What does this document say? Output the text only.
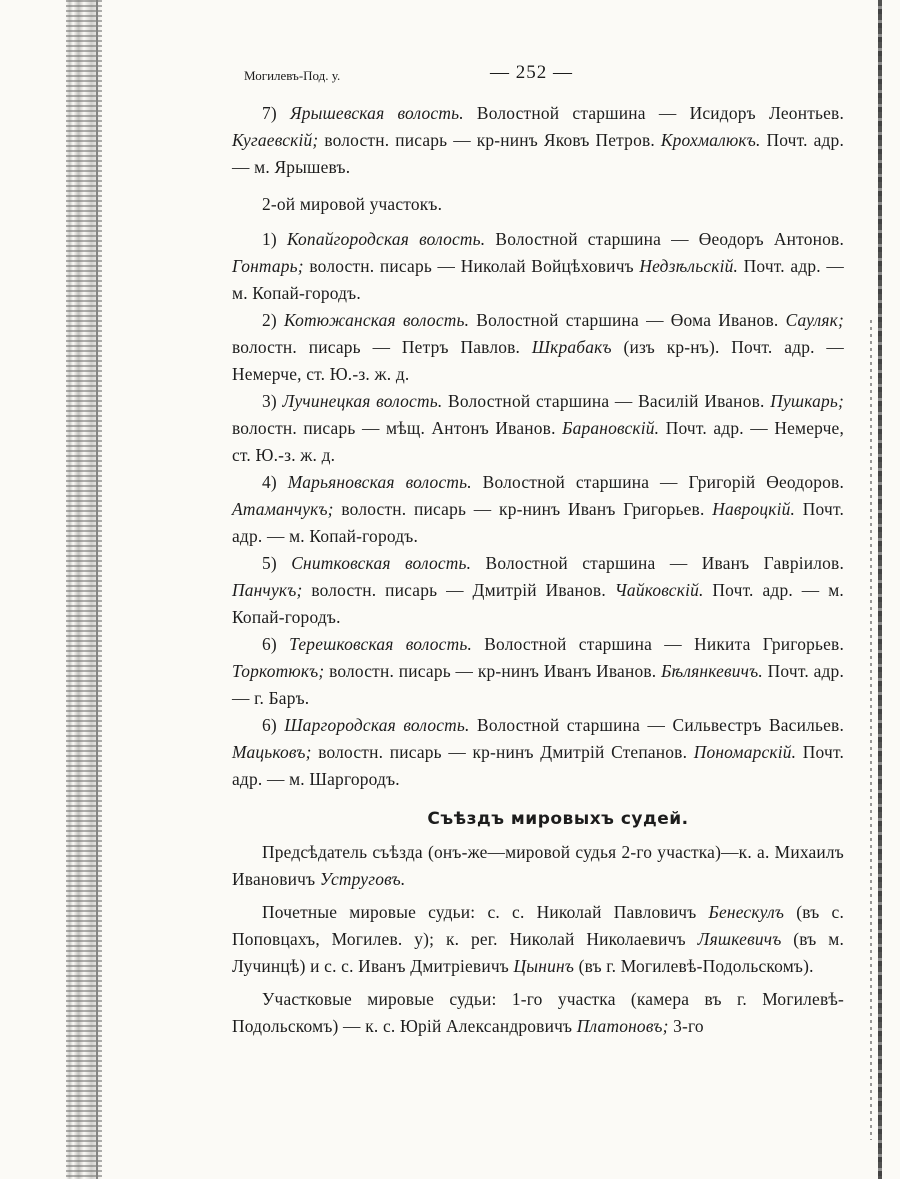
Могилевъ-Под. у.	— 252 —

7) Ярышевская волость. Волостной старшина — Исидоръ Леонтьев. Кугаевскій; волостн. писарь — кр-нинъ Яковъ Петров. Крохмалюкъ. Почт. адр. — м. Ярышевъ.

2-ой мировой участокъ.

1) Копайгородская волость. Волостной старшина — Өеодоръ Антонов. Гонтарь; волостн. писарь — Николай Войцѣховичъ Недзѣльскій. Почт. адр. — м. Копай-городъ.

2) Котюжанская волость. Волостной старшина — Өома Иванов. Сауляк; волостн. писарь — Петръ Павлов. Шкрабакъ (изъ кр-нъ). Почт. адр. — Немерче, ст. Ю.-з. ж. д.

3) Лучинецкая волость. Волостной старшина — Василій Иванов. Пушкарь; волостн. писарь — мѣщ. Антонъ Иванов. Барановскій. Почт. адр. — Немерче, ст. Ю.-з. ж. д.

4) Марьяновская волость. Волостной старшина — Григорій Өеодоров. Атаманчукъ; волостн. писарь — кр-нинъ Иванъ Григорьев. Навроцкій. Почт. адр. — м. Копай-городъ.

5) Снитковская волость. Волостной старшина — Иванъ Гавріилов. Панчукъ; волостн. писарь — Дмитрій Иванов. Чайковскій. Почт. адр. — м. Копай-городъ.

6) Терешковская волость. Волостной старшина — Никита Григорьев. Торкотюкъ; волостн. писарь — кр-нинъ Иванъ Иванов. Бѣлянкевичъ. Почт. адр. — г. Баръ.

6) Шаргородская волость. Волостной старшина — Сильвестръ Васильев. Мацьковъ; волостн. писарь — кр-нинъ Дмитрій Степанов. Пономарскій. Почт. адр. — м. Шаргородъ.

Съѣздъ мировыхъ судей.

Предсѣдатель съѣзда (онъ-же—мировой судья 2-го участка)—к. а. Михаилъ Ивановичъ Уструговъ.

Почетные мировые судьи: с. с. Николай Павловичъ Бенескулъ (въ с. Поповцахъ, Могилев. у); к. рег. Николай Николаевичъ Ляшкевичъ (въ м. Лучинцѣ) и с. с. Иванъ Дмитріевичъ Цынинъ (въ г. Могилевѣ-Подольскомъ).

Участковые мировые судьи: 1-го участка (камера въ г. Могилевѣ-Подольскомъ) — к. с. Юрій Александровичъ Платоновъ; 3-го
